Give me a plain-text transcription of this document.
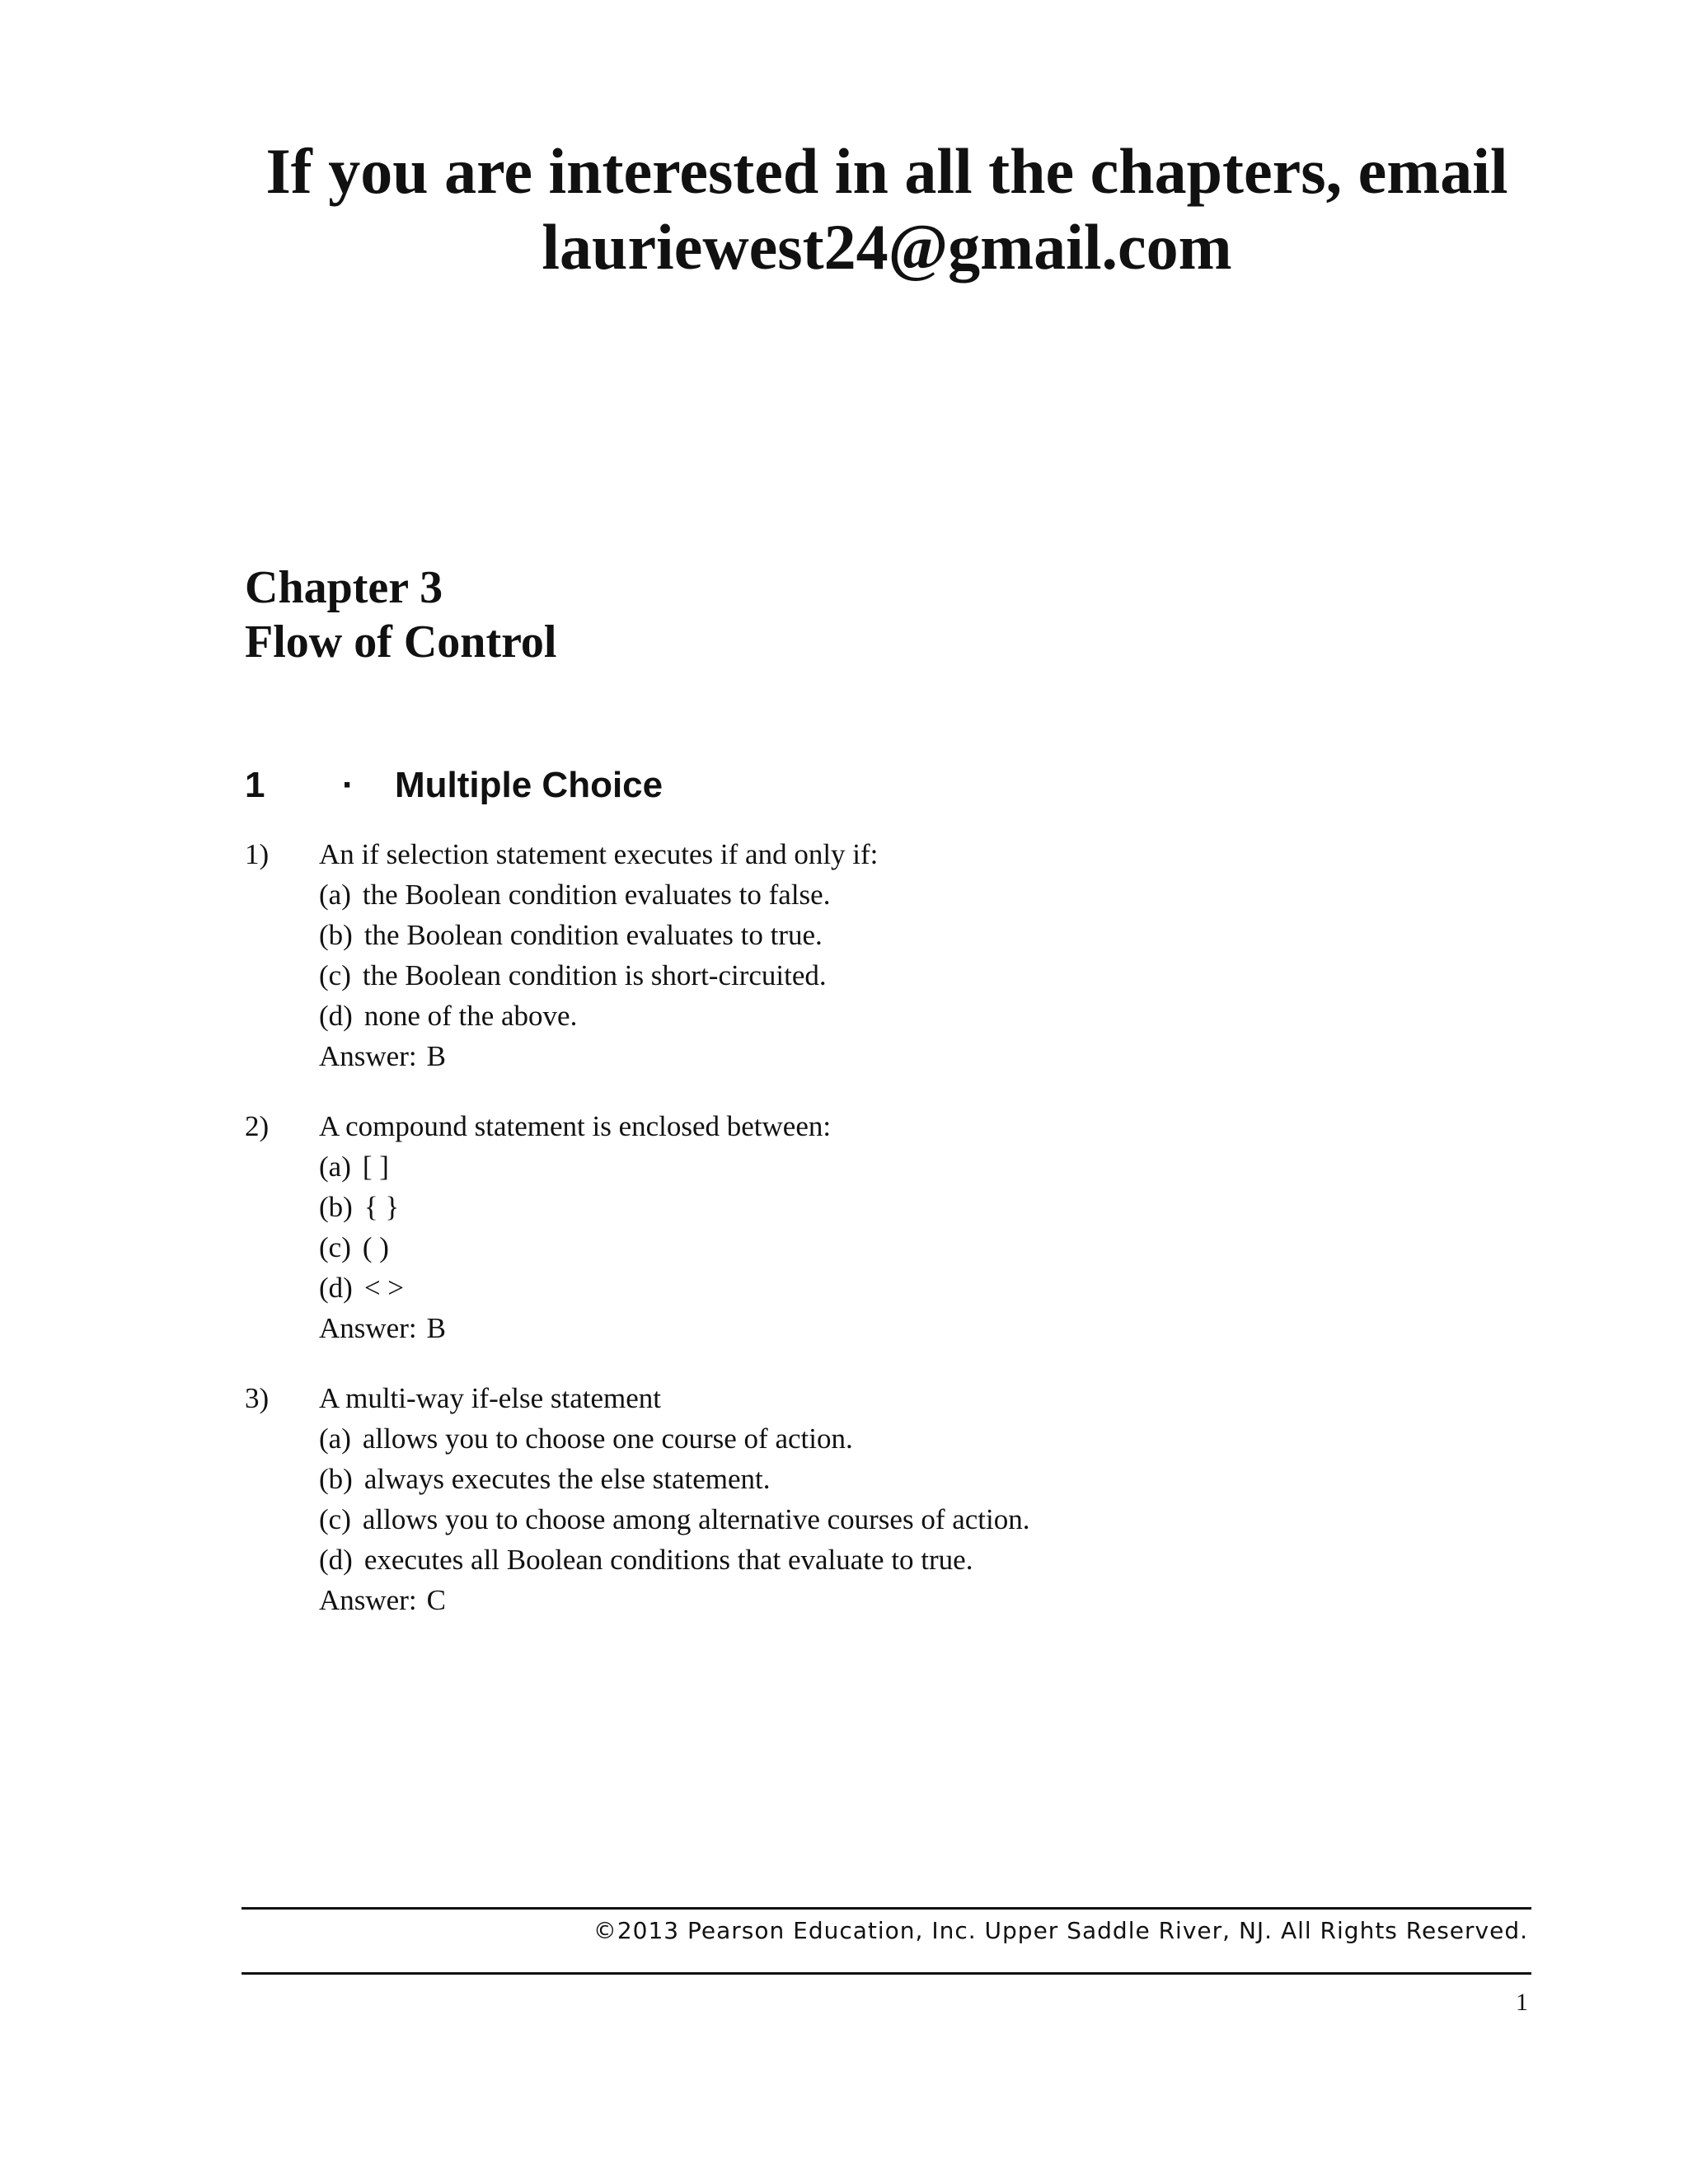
If you are interested in all the chapters, email
lauriewest24@gmail.com
Chapter 3
Flow of Control
1 · Multiple Choice
1) An if selection statement executes if and only if:
(a) the Boolean condition evaluates to false.
(b) the Boolean condition evaluates to true.
(c) the Boolean condition is short-circuited.
(d) none of the above.
Answer: B
2) A compound statement is enclosed between:
(a) [ ]
(b) { }
(c) ( )
(d) < >
Answer: B
3) A multi-way if-else statement
(a) allows you to choose one course of action.
(b) always executes the else statement.
(c) allows you to choose among alternative courses of action.
(d) executes all Boolean conditions that evaluate to true.
Answer: C
©2013 Pearson Education, Inc. Upper Saddle River, NJ. All Rights Reserved.
1
